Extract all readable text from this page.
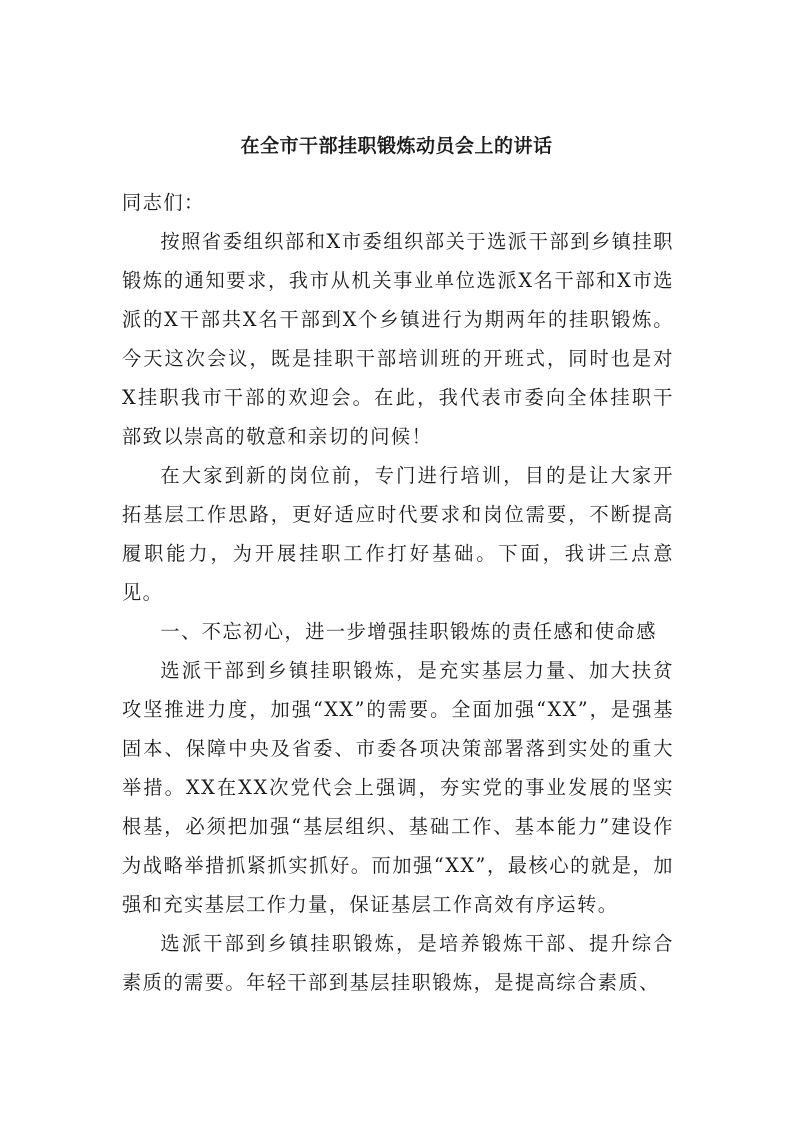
在全市干部挂职锻炼动员会上的讲话

同志们：

按照省委组织部和X市委组织部关于选派干部到乡镇挂职锻炼的通知要求，我市从机关事业单位选派X名干部和X市选派的X干部共X名干部到X个乡镇进行为期两年的挂职锻炼。今天这次会议，既是挂职干部培训班的开班式，同时也是对X挂职我市干部的欢迎会。在此，我代表市委向全体挂职干部致以崇高的敬意和亲切的问候！

在大家到新的岗位前，专门进行培训，目的是让大家开拓基层工作思路，更好适应时代要求和岗位需要，不断提高履职能力，为开展挂职工作打好基础。下面，我讲三点意见。

一、不忘初心，进一步增强挂职锻炼的责任感和使命感

选派干部到乡镇挂职锻炼，是充实基层力量、加大扶贫攻坚推进力度，加强“XX”的需要。全面加强“XX”，是强基固本、保障中央及省委、市委各项决策部署落到实处的重大举措。XX在XX次党代会上强调，夯实党的事业发展的坚实根基，必须把加强“基层组织、基础工作、基本能力”建设作为战略举措抓紧抓实抓好。而加强“XX”，最核心的就是，加强和充实基层工作力量，保证基层工作高效有序运转。

选派干部到乡镇挂职锻炼，是培养锻炼干部、提升综合素质的需要。年轻干部到基层挂职锻炼，是提高综合素质、
